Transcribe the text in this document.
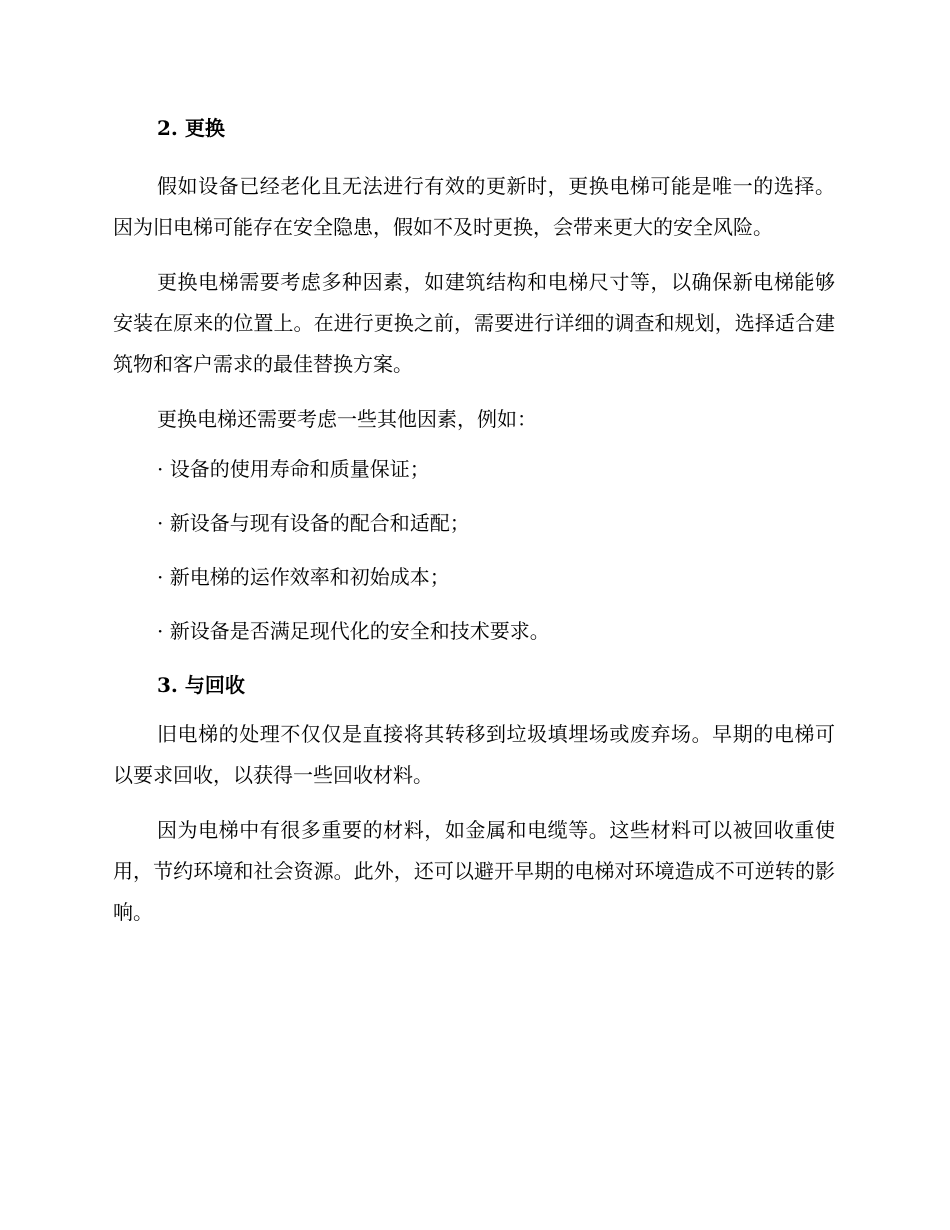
2. 更换

假如设备已经老化且无法进行有效的更新时，更换电梯可能是唯一的选择。因为旧电梯可能存在安全隐患，假如不及时更换，会带来更大的安全风险。

更换电梯需要考虑多种因素，如建筑结构和电梯尺寸等，以确保新电梯能够安装在原来的位置上。在进行更换之前，需要进行详细的调查和规划，选择适合建筑物和客户需求的最佳替换方案。

更换电梯还需要考虑一些其他因素，例如：

· 设备的使用寿命和质量保证；

· 新设备与现有设备的配合和适配；

· 新电梯的运作效率和初始成本；

· 新设备是否满足现代化的安全和技术要求。

3. 与回收

旧电梯的处理不仅仅是直接将其转移到垃圾填埋场或废弃场。早期的电梯可以要求回收，以获得一些回收材料。

因为电梯中有很多重要的材料，如金属和电缆等。这些材料可以被回收重使用，节约环境和社会资源。此外，还可以避开早期的电梯对环境造成不可逆转的影响。
